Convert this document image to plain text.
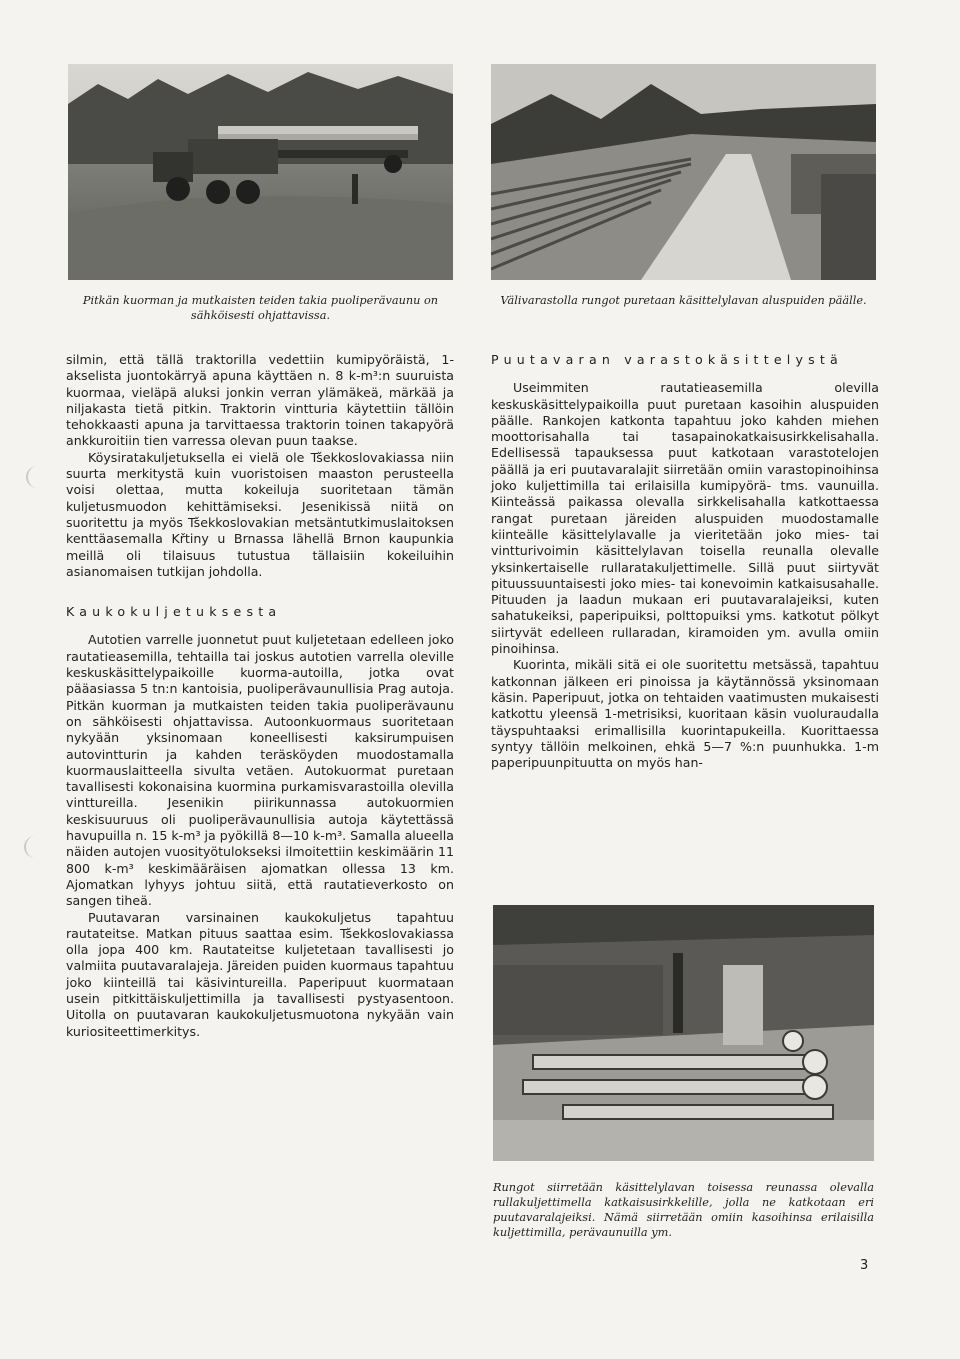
Pitkän kuorman ja mutkaisten teiden takia puoliperävaunu on sähköisesti ohjattavissa.

Välivarastolla rungot puretaan käsittelylavan aluspuiden päälle.

Rungot siirretään käsittelylavan toisessa reunassa olevalla rullakuljettimella katkaisusirkkelille, jolla ne katkotaan eri puutavaralajeiksi. Nämä siirretään omiin kasoihinsa erilaisilla kuljettimilla, perävaunuilla ym.

silmin, että tällä traktorilla vedettiin kumipyöräistä, 1-akselista juontokärryä apuna käyttäen n. 8 k-m³:n suuruista kuormaa, vieläpä aluksi jonkin verran ylämäkeä, märkää ja niljakasta tietä pitkin. Traktorin vintturia käytettiin tällöin tehokkaasti apuna ja tarvittaessa traktorin toinen takapyörä ankkuroitiin tien varressa olevan puun taakse.

Köysiratakuljetuksella ei vielä ole Tšekkoslovakiassa niin suurta merkitystä kuin vuoristoisen maaston perusteella voisi olettaa, mutta kokeiluja suoritetaan tämän kuljetusmuodon kehittämiseksi. Jesenikissä niitä on suoritettu ja myös Tšekkoslovakian metsäntutkimuslaitoksen kenttäasemalla Křtiny u Brnassa lähellä Brnon kaupunkia meillä oli tilaisuus tutustua tällaisiin kokeiluihin asianomaisen tutkijan johdolla.

Kaukokuljetuksesta

Autotien varrelle juonnetut puut kuljetetaan edelleen joko rautatieasemilla, tehtailla tai joskus autotien varrella oleville keskuskäsittelypaikoille kuorma-autoilla, jotka ovat pääasiassa 5 tn:n kantoisia, puoliperävaunullisia Prag autoja. Pitkän kuorman ja mutkaisten teiden takia puoliperävaunu on sähköisesti ohjattavissa. Autoonkuormaus suoritetaan nykyään yksinomaan koneellisesti kaksirumpuisen autovintturin ja kahden teräsköyden muodostamalla kuormauslaitteella sivulta vetäen. Autokuormat puretaan tavallisesti kokonaisina kuormina purkamisvarastoilla olevilla vinttureilla. Jesenikin piirikunnassa autokuormien keskisuuruus oli puoliperävaunullisia autoja käytettässä havupuilla n. 15 k-m³ ja pyökillä 8—10 k-m³. Samalla alueella näiden autojen vuosityötulokseksi ilmoitettiin keskimäärin 11 800 k-m³ keskimääräisen ajomatkan ollessa 13 km. Ajomatkan lyhyys johtuu siitä, että rautatieverkosto on sangen tiheä.

Puutavaran varsinainen kaukokuljetus tapahtuu rautateitse. Matkan pituus saattaa esim. Tšekkoslovakiassa olla jopa 400 km. Rautateitse kuljetetaan tavallisesti jo valmiita puutavaralajeja. Järeiden puiden kuormaus tapahtuu joko kiinteillä tai käsivintureilla. Paperipuut kuormataan usein pitkittäiskuljettimilla ja tavallisesti pystyasentoon. Uitolla on puutavaran kaukokuljetusmuotona nykyään vain kuriositeettimerkitys.

Puutavaran varastokäsittelystä

Useimmiten rautatieasemilla olevilla keskuskäsittelypaikoilla puut puretaan kasoihin aluspuiden päälle. Rankojen katkonta tapahtuu joko kahden miehen moottorisahalla tai tasapainokatkaisusirkkelisahalla. Edellisessä tapauksessa puut katkotaan varastotelojen päällä ja eri puutavaralajit siirretään omiin varastopinoihinsa joko kuljettimilla tai erilaisilla kumipyörä- tms. vaunuilla. Kiinteässä paikassa olevalla sirkkelisahalla katkottaessa rangat puretaan järeiden aluspuiden muodostamalle kiinteälle käsittelylavalle ja vieritetään joko mies- tai vintturivoimin käsittelylavan toisella reunalla olevalle yksinkertaiselle rullaratakuljettimelle. Sillä puut siirtyvät pituussuuntaisesti joko mies- tai konevoimin katkaisusahalle. Pituuden ja laadun mukaan eri puutavaralajeiksi, kuten sahatukeiksi, paperipuiksi, polttopuiksi yms. katkotut pölkyt siirtyvät edelleen rullaradan, kiramoiden ym. avulla omiin pinoihinsa.

Kuorinta, mikäli sitä ei ole suoritettu metsässä, tapahtuu katkonnan jälkeen eri pinoissa ja käytännössä yksinomaan käsin. Paperipuut, jotka on tehtaiden vaatimusten mukaisesti katkottu yleensä 1-metrisiksi, kuoritaan käsin vuoluraudalla täyspuhtaaksi erimallisilla kuorintapukeilla. Kuorittaessa syntyy tällöin melkoinen, ehkä 5—7 %:n puunhukka. 1-m paperipuunpituutta on myös han-

3
